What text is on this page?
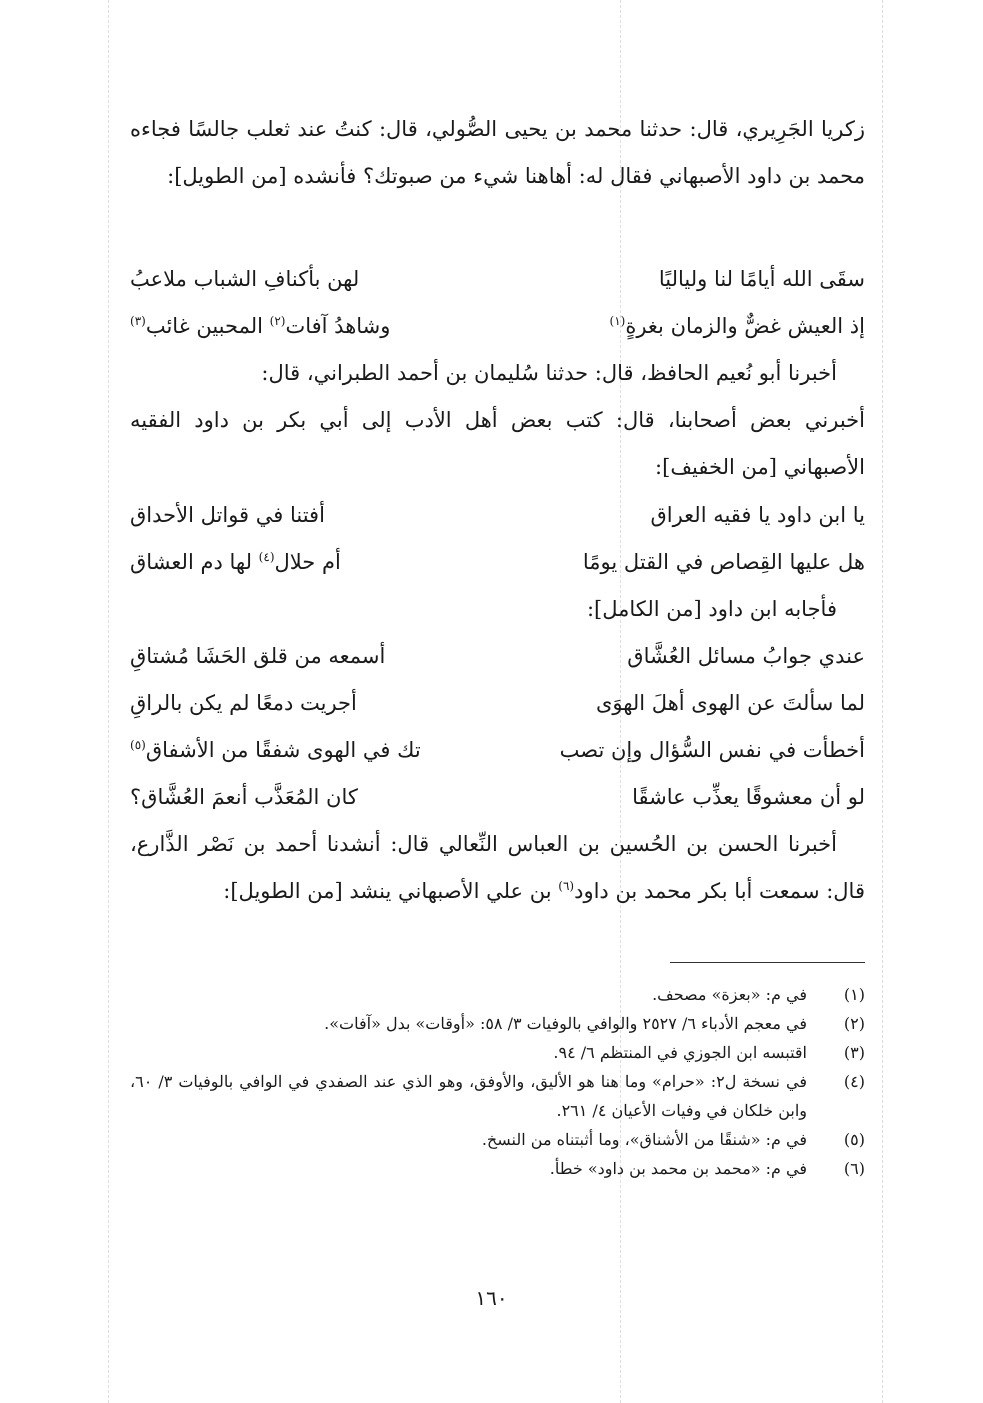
زكريا الجَرِيري، قال: حدثنا محمد بن يحيى الصُّولي، قال: كنتُ عند ثعلب جالسًا فجاءه محمد بن داود الأصبهاني فقال له: أهاهنا شيء من صبوتك؟ فأنشده [من الطويل]:

سقَى الله أيامًا لنا ولياليًا
لهن بأكنافِ الشباب ملاعبُ
إذ العيش غضٌّ والزمان بغرةٍ$^{(١)}$
وشاهدُ آفات$^{(٢)}$ المحبين غائب$^{(٣)}$

أخبرنا أبو نُعيم الحافظ، قال: حدثنا سُليمان بن أحمد الطبراني، قال:

أخبرني بعض أصحابنا، قال: كتب بعض أهل الأدب إلى أبي بكر بن داود الفقيه الأصبهاني [من الخفيف]:

يا ابن داود يا فقيه العراق
أفتنا في قواتل الأحداق
هل عليها القِصاص في القتل يومًا
أم حلال$^{(٤)}$ لها دم العشاق

فأجابه ابن داود [من الكامل]:

عندي جوابُ مسائل العُشَّاق
أسمعه من قلق الحَشَا مُشتاقِ
لما سألتَ عن الهوى أهلَ الهوَى
أجريت دمعًا لم يكن بالراقِ
أخطأت في نفس السُّؤال وإن تصب
تك في الهوى شفقًا من الأشفاق$^{(٥)}$
لو أن معشوقًا يعذِّب عاشقًا
كان المُعَذَّب أنعمَ العُشَّاق؟

أخبرنا الحسن بن الحُسين بن العباس النِّعالي قال: أنشدنا أحمد بن نَصْر الذَّارع، قال: سمعت أبا بكر محمد بن داود$^{(٦)}$ بن علي الأصبهاني ينشد [من الطويل]:

(١)
في م: «بعزة» مصحف.
(٢)
في معجم الأدباء ٦/ ٢٥٢٧ والوافي بالوفيات ٣/ ٥٨: «أوقات» بدل «آفات».
(٣)
اقتبسه ابن الجوزي في المنتظم ٦/ ٩٤.
(٤)
في نسخة ل٢: «حرام» وما هنا هو الأليق، والأوفق، وهو الذي عند الصفدي في الوافي بالوفيات ٣/ ٦٠، وابن خلكان في وفيات الأعيان ٤/ ٢٦١.
(٥)
في م: «شنقًا من الأشناق»، وما أثبتناه من النسخ.
(٦)
في م: «محمد بن محمد بن داود» خطأ.
١٦٠
